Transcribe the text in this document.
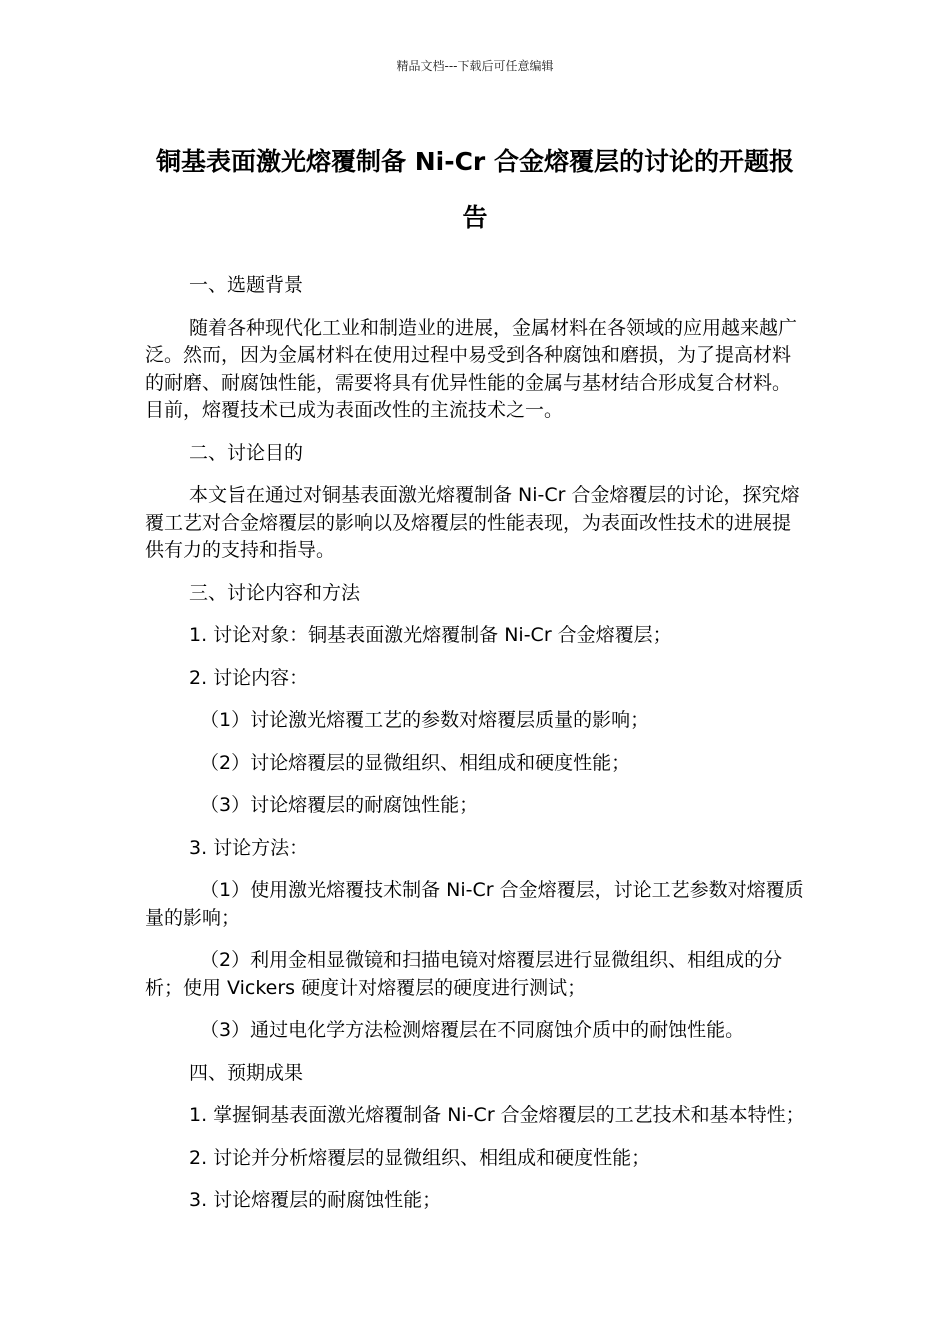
精品文档---下载后可任意编辑
铜基表面激光熔覆制备 Ni-Cr 合金熔覆层的讨论的开题报告

一、选题背景

随着各种现代化工业和制造业的进展，金属材料在各领域的应用越来越广泛。然而，因为金属材料在使用过程中易受到各种腐蚀和磨损，为了提高材料的耐磨、耐腐蚀性能，需要将具有优异性能的金属与基材结合形成复合材料。目前，熔覆技术已成为表面改性的主流技术之一。

二、讨论目的

本文旨在通过对铜基表面激光熔覆制备 Ni-Cr 合金熔覆层的讨论，探究熔覆工艺对合金熔覆层的影响以及熔覆层的性能表现，为表面改性技术的进展提供有力的支持和指导。

三、讨论内容和方法

1. 讨论对象：铜基表面激光熔覆制备 Ni-Cr 合金熔覆层；

2. 讨论内容：

（1）讨论激光熔覆工艺的参数对熔覆层质量的影响；

（2）讨论熔覆层的显微组织、相组成和硬度性能；

（3）讨论熔覆层的耐腐蚀性能；

3. 讨论方法：

（1）使用激光熔覆技术制备 Ni-Cr 合金熔覆层，讨论工艺参数对熔覆质量的影响；

（2）利用金相显微镜和扫描电镜对熔覆层进行显微组织、相组成的分析；使用 Vickers 硬度计对熔覆层的硬度进行测试；

（3）通过电化学方法检测熔覆层在不同腐蚀介质中的耐蚀性能。

四、预期成果

1. 掌握铜基表面激光熔覆制备 Ni-Cr 合金熔覆层的工艺技术和基本特性；

2. 讨论并分析熔覆层的显微组织、相组成和硬度性能；

3. 讨论熔覆层的耐腐蚀性能；
